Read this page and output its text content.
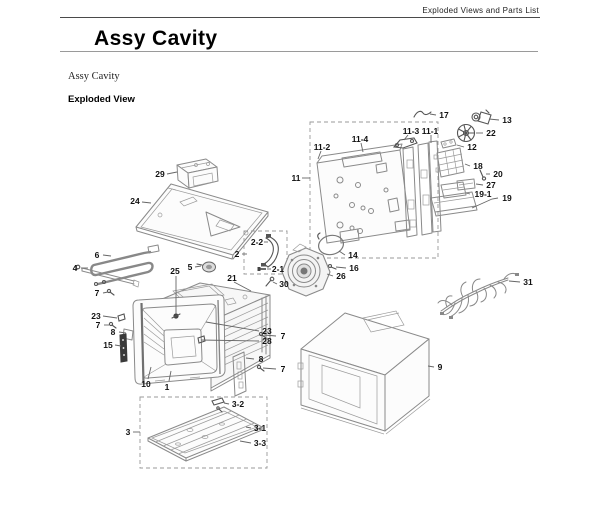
Exploded Views and Parts List
Assy Cavity
Assy Cavity
Exploded View
17	13
22
12
18
20
27
19-1 19
11
11-2
11-4
11-3 11-1
29
24
6
4
7
23
7
8
15
2-2
2
2-1
25 5
21
30
14
16
26
23 7
28
8
7
10 1
3
3-2
3-1
3-3
9
31
